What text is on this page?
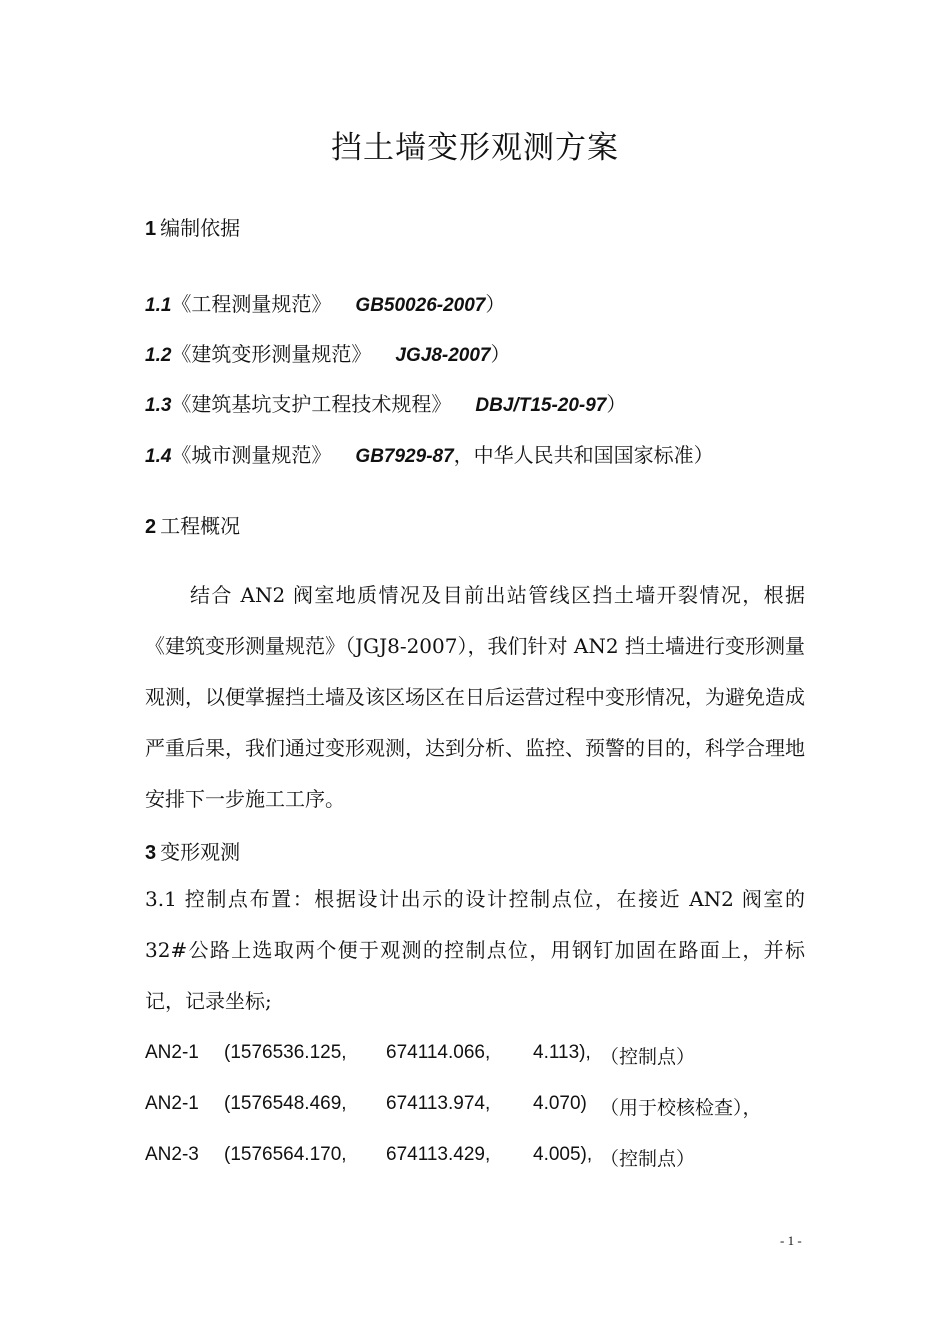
挡土墙变形观测方案
1 编制依据
1.1《工程测量规范》 GB50026-2007）
1.2《建筑变形测量规范》 JGJ8-2007）
1.3《建筑基坑支护工程技术规程》 DBJ/T15-20-97）
1.4《城市测量规范》 GB7929-87，中华人民共和国国家标准）
2 工程概况
结合 AN2 阀室地质情况及目前出站管线区挡土墙开裂情况，根据《建筑变形测量规范》（JGJ8-2007），我们针对 AN2 挡土墙进行变形测量观测，以便掌握挡土墙及该区场区在日后运营过程中变形情况，为避免造成严重后果，我们通过变形观测，达到分析、监控、预警的目的，科学合理地安排下一步施工工序。
3 变形观测
3.1 控制点布置：根据设计出示的设计控制点位，在接近 AN2 阀室的 32#公路上选取两个便于观测的控制点位，用钢钉加固在路面上，并标记，记录坐标;
AN2-1 (1576536.125, 674114.066, 4.113), （控制点）
AN2-1 (1576548.469, 674113.974, 4.070) （用于校核检查），
AN2-3 (1576564.170, 674113.429, 4.005), （控制点）
- 1 -
